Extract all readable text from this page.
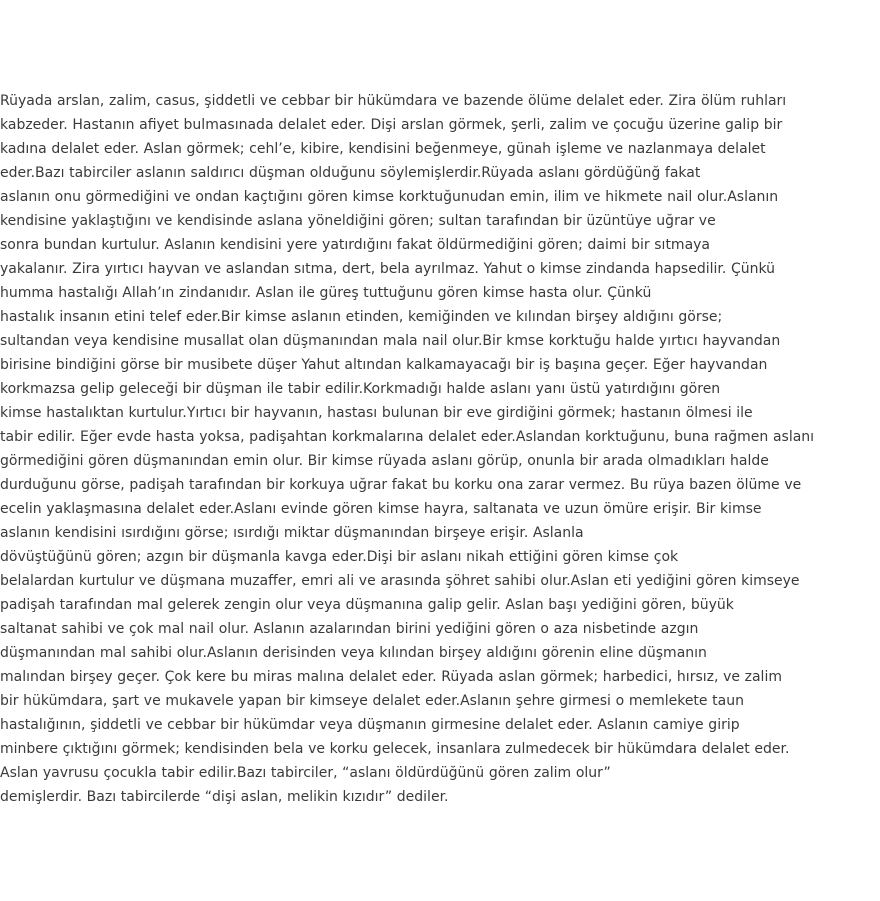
Rüyada arslan, zalim, casus, şiddetli ve cebbar bir hükümdara ve bazende ölüme delalet eder. Zira ölüm ruhları
kabzeder. Hastanın afiyet bulmasınada delalet eder. Dişi arslan görmek, şerli, zalim ve çocuğu üzerine galip bir
kadına delalet eder. Aslan görmek; cehl’e, kibire, kendisini beğenmeye, günah işleme ve nazlanmaya delalet
eder.Bazı tabirciler aslanın saldırıcı düşman olduğunu söylemişlerdir.Rüyada aslanı gördüğünğ fakat
aslanın onu görmediğini ve ondan kaçtığını gören kimse korktuğunudan emin, ilim ve hikmete nail olur.Aslanın
kendisine yaklaştığını ve kendisinde aslana yöneldiğini gören; sultan tarafından bir üzüntüye uğrar ve
sonra bundan kurtulur. Aslanın kendisini yere yatırdığını fakat öldürmediğini gören; daimi bir sıtmaya
yakalanır. Zira yırtıcı hayvan ve aslandan sıtma, dert, bela ayrılmaz. Yahut o kimse zindanda hapsedilir. Çünkü
humma hastalığı Allah’ın zindanıdır. Aslan ile güreş tuttuğunu gören kimse hasta olur. Çünkü
hastalık insanın etini telef eder.Bir kimse aslanın etinden, kemiğinden ve kılından birşey aldığını görse;
sultandan veya kendisine musallat olan düşmanından mala nail olur.Bir kmse korktuğu halde yırtıcı hayvandan
birisine bindiğini görse bir musibete düşer Yahut altından kalkamayacağı bir iş başına geçer. Eğer hayvandan
korkmazsa gelip geleceği bir düşman ile tabir edilir.Korkmadığı halde aslanı yanı üstü yatırdığını gören
kimse hastalıktan kurtulur.Yırtıcı bir hayvanın, hastası bulunan bir eve girdiğini görmek; hastanın ölmesi ile
tabir edilir. Eğer evde hasta yoksa, padişahtan korkmalarına delalet eder.Aslandan korktuğunu, buna rağmen aslanı
görmediğini gören düşmanından emin olur. Bir kimse rüyada aslanı görüp, onunla bir arada olmadıkları halde
durduğunu görse, padişah tarafından bir korkuya uğrar fakat bu korku ona zarar vermez. Bu rüya bazen ölüme ve
ecelin yaklaşmasına delalet eder.Aslanı evinde gören kimse hayra, saltanata ve uzun ömüre erişir. Bir kimse
aslanın kendisini ısırdığını görse; ısırdığı miktar düşmanından birşeye erişir. Aslanla
dövüştüğünü gören; azgın bir düşmanla kavga eder.Dişi bir aslanı nikah ettiğini gören kimse çok
belalardan kurtulur ve düşmana muzaffer, emri ali ve arasında şöhret sahibi olur.Aslan eti yediğini gören kimseye
padişah tarafından mal gelerek zengin olur veya düşmanına galip gelir. Aslan başı yediğini gören, büyük
saltanat sahibi ve çok mal nail olur. Aslanın azalarından birini yediğini gören o aza nisbetinde azgın
düşmanından mal sahibi olur.Aslanın derisinden veya kılından birşey aldığını görenin eline düşmanın
malından birşey geçer. Çok kere bu miras malına delalet eder. Rüyada aslan görmek; harbedici, hırsız, ve zalim
bir hükümdara, şart ve mukavele yapan bir kimseye delalet eder.Aslanın şehre girmesi o memlekete taun
hastalığının, şiddetli ve cebbar bir hükümdar veya düşmanın girmesine delalet eder. Aslanın camiye girip
minbere çıktığını görmek; kendisinden bela ve korku gelecek, insanlara zulmedecek bir hükümdara delalet eder.
Aslan yavrusu çocukla tabir edilir.Bazı tabirciler, “aslanı öldürdüğünü gören zalim olur”
demişlerdir. Bazı tabircilerde “dişi aslan, melikin kızıdır” dediler.
